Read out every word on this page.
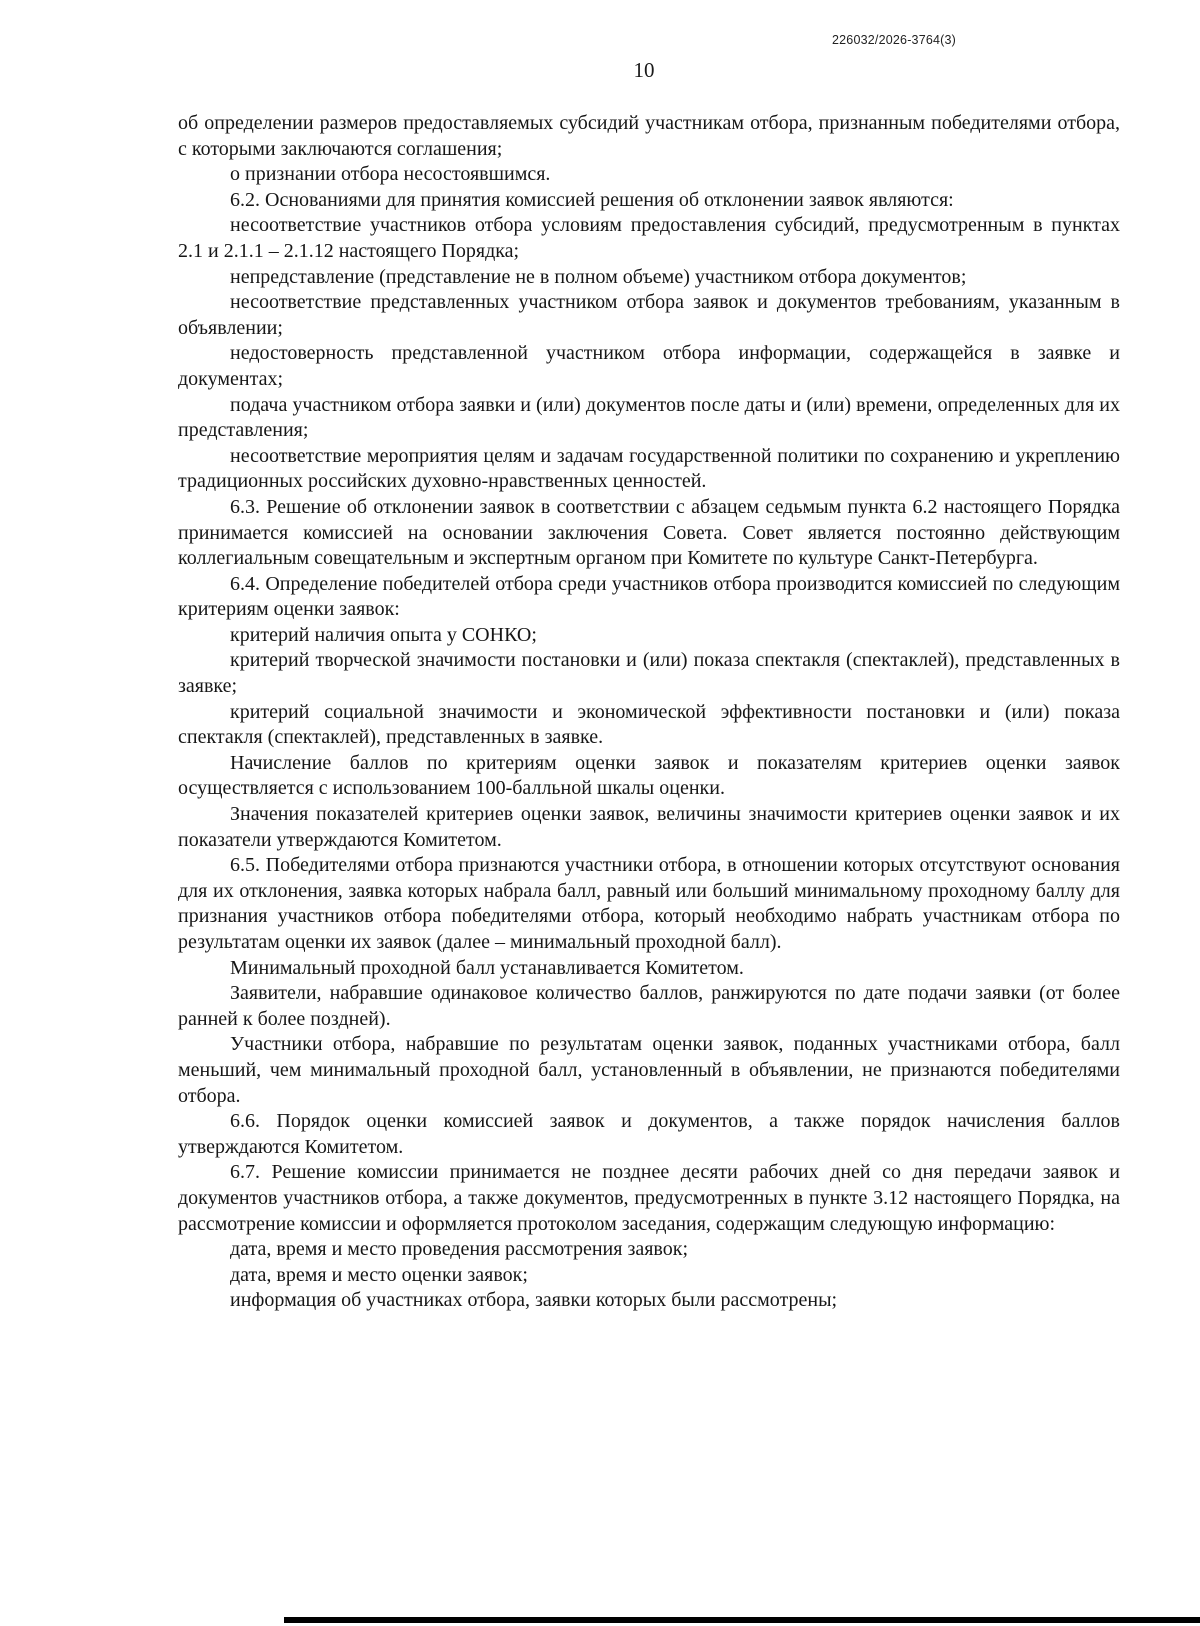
226032/2026-3764(3)
10

об определении размеров предоставляемых субсидий участникам отбора, признанным победителями отбора, с которыми заключаются соглашения;

о признании отбора несостоявшимся.

6.2. Основаниями для принятия комиссией решения об отклонении заявок являются:

несоответствие участников отбора условиям предоставления субсидий, предусмотренным в пунктах 2.1 и 2.1.1 – 2.1.12 настоящего Порядка;

непредставление (представление не в полном объеме) участником отбора документов;

несоответствие представленных участником отбора заявок и документов требованиям, указанным в объявлении;

недостоверность представленной участником отбора информации, содержащейся в заявке и документах;

подача участником отбора заявки и (или) документов после даты и (или) времени, определенных для их представления;

несоответствие мероприятия целям и задачам государственной политики по сохранению и укреплению традиционных российских духовно-нравственных ценностей.

6.3. Решение об отклонении заявок в соответствии с абзацем седьмым пункта 6.2 настоящего Порядка принимается комиссией на основании заключения Совета. Совет является постоянно действующим коллегиальным совещательным и экспертным органом при Комитете по культуре Санкт-Петербурга.

6.4. Определение победителей отбора среди участников отбора производится комиссией по следующим критериям оценки заявок:

критерий наличия опыта у СОНКО;

критерий творческой значимости постановки и (или) показа спектакля (спектаклей), представленных в заявке;

критерий социальной значимости и экономической эффективности постановки и (или) показа спектакля (спектаклей), представленных в заявке.

Начисление баллов по критериям оценки заявок и показателям критериев оценки заявок осуществляется с использованием 100-балльной шкалы оценки.

Значения показателей критериев оценки заявок, величины значимости критериев оценки заявок и их показатели утверждаются Комитетом.

6.5. Победителями отбора признаются участники отбора, в отношении которых отсутствуют основания для их отклонения, заявка которых набрала балл, равный или больший минимальному проходному баллу для признания участников отбора победителями отбора, который необходимо набрать участникам отбора по результатам оценки их заявок (далее – минимальный проходной балл).

Минимальный проходной балл устанавливается Комитетом.

Заявители, набравшие одинаковое количество баллов, ранжируются по дате подачи заявки (от более ранней к более поздней).

Участники отбора, набравшие по результатам оценки заявок, поданных участниками отбора, балл меньший, чем минимальный проходной балл, установленный в объявлении, не признаются победителями отбора.

6.6. Порядок оценки комиссией заявок и документов, а также порядок начисления баллов утверждаются Комитетом.

6.7. Решение комиссии принимается не позднее десяти рабочих дней со дня передачи заявок и документов участников отбора, а также документов, предусмотренных в пункте 3.12 настоящего Порядка, на рассмотрение комиссии и оформляется протоколом заседания, содержащим следующую информацию:

дата, время и место проведения рассмотрения заявок;

дата, время и место оценки заявок;

информация об участниках отбора, заявки которых были рассмотрены;
